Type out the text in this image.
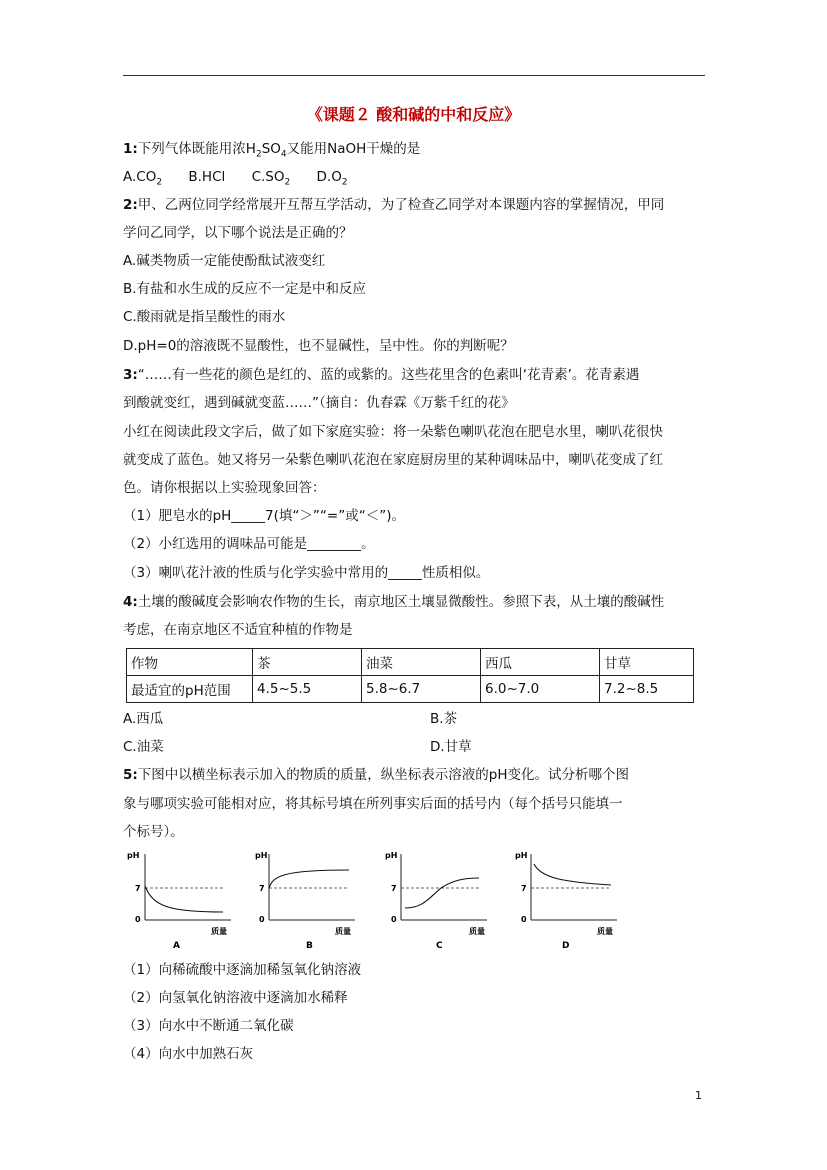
《课题２ 酸和碱的中和反应》
1:下列气体既能用浓$H_2SO_4$又能用NaOH干燥的是
$A.CO_2$ B.HCl $C.SO_2$ $D.O_2$
2:甲、乙两位同学经常展开互帮互学活动，为了检查乙同学对本课题内容的掌握情况，甲同
学问乙同学，以下哪个说法是正确的？
A.碱类物质一定能使酚酞试液变红
B.有盐和水生成的反应不一定是中和反应
C.酸雨就是指呈酸性的雨水
D.pH=0的溶液既不显酸性，也不显碱性，呈中性。你的判断呢？
3:“……有一些花的颜色是红的、蓝的或紫的。这些花里含的色素叫‘花青素’。花青素遇
到酸就变红，遇到碱就变蓝……”（摘自：仇春霖《万紫千红的花》
小红在阅读此段文字后，做了如下家庭实验：将一朵紫色喇叭花泡在肥皂水里，喇叭花很快
就变成了蓝色。她又将另一朵紫色喇叭花泡在家庭厨房里的某种调味品中，喇叭花变成了红
色。请你根据以上实验现象回答：
（1）肥皂水的pH_____7(填“＞”“=”或“＜”)。
（2）小红选用的调味品可能是________。
（3）喇叭花汁液的性质与化学实验中常用的_____性质相似。
4:土壤的酸碱度会影响农作物的生长，南京地区土壤显微酸性。参照下表，从土壤的酸碱性
考虑，在南京地区不适宜种植的作物是
作物	茶	油菜	西瓜	甘草
最适宜的pH范围	4.5~5.5	5.8~6.7	6.0~7.0	7.2~8.5
A.西瓜	B.茶
C.油菜	D.甘草
5:下图中以横坐标表示加入的物质的质量，纵坐标表示溶液的pH变化。试分析哪个图
象与哪项实验可能相对应，将其标号填在所列事实后面的括号内（每个括号只能填一
个标号）。
pH
7
0
质量
A
pH
7
0
质量
B
pH
7
0
质量
C
pH
7
0
质量
D
（1）向稀硫酸中逐滴加稀氢氧化钠溶液
（2）向氢氧化钠溶液中逐滴加水稀释
（3）向水中不断通二氧化碳
（4）向水中加熟石灰
1
